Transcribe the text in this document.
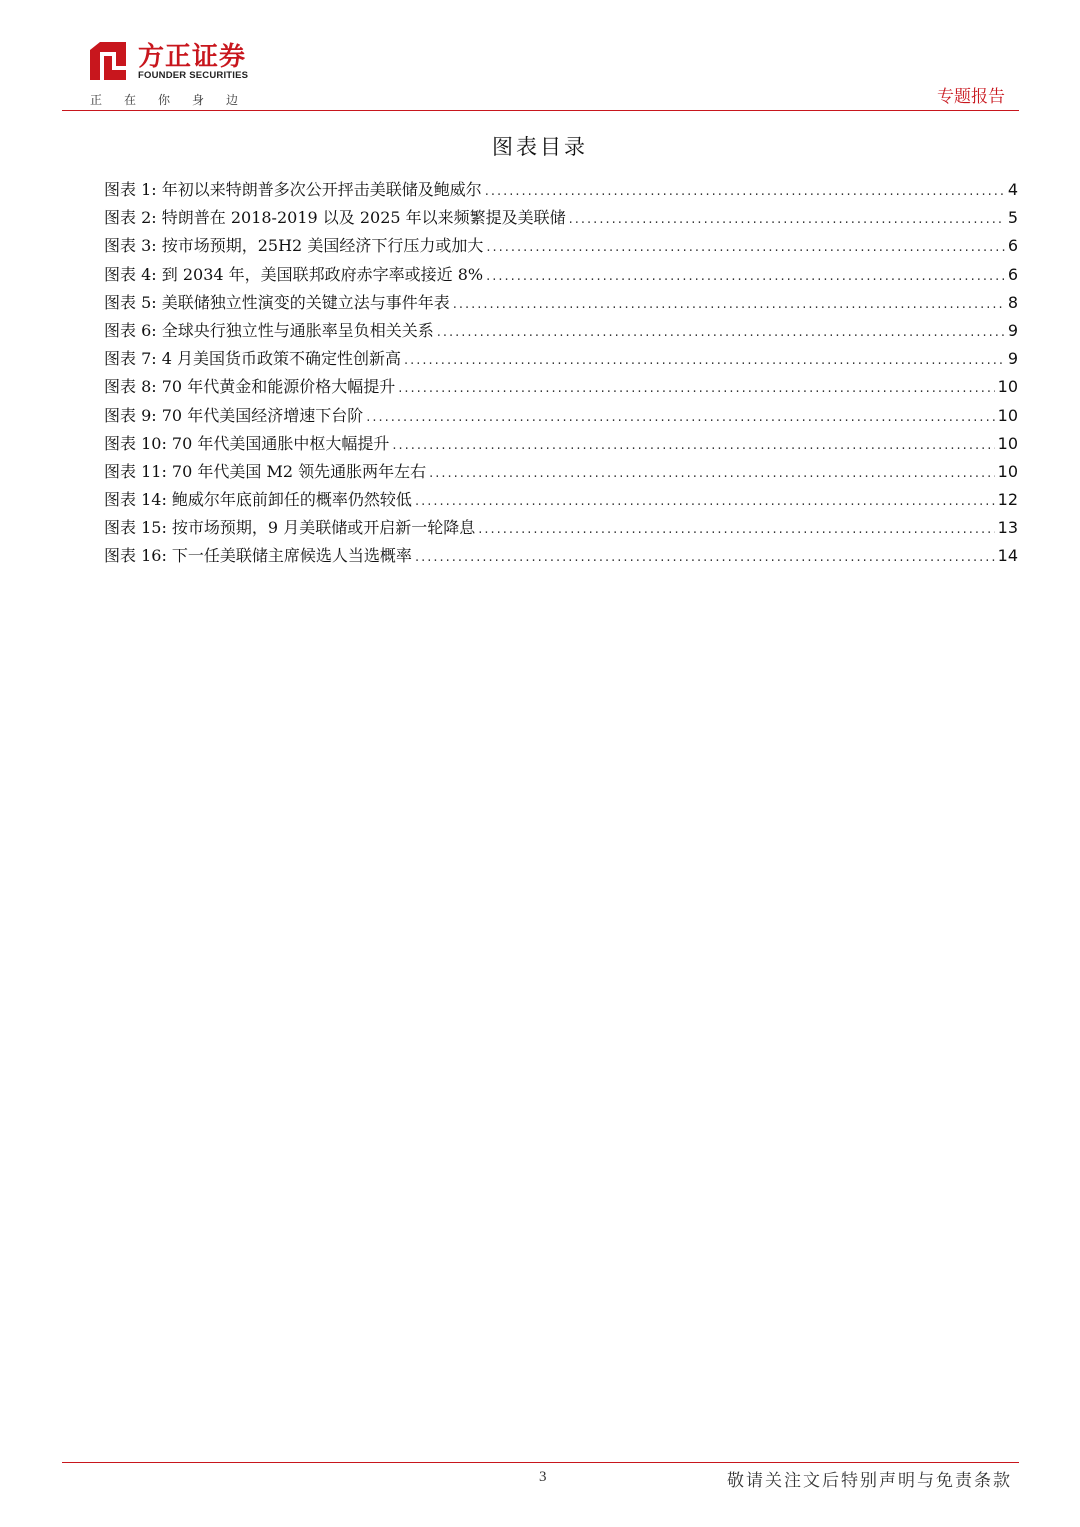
方正证券
FOUNDER SECURITIES
正在你身边	专题报告
图表目录
图表 1: 年初以来特朗普多次公开抨击美联储及鲍威尔 .....	4
图表 2: 特朗普在 2018-2019 以及 2025 年以来频繁提及美联储 .....	5
图表 3: 按市场预期，25H2 美国经济下行压力或加大 .....	6
图表 4: 到 2034 年，美国联邦政府赤字率或接近 8% .....	6
图表 5: 美联储独立性演变的关键立法与事件年表 .....	8
图表 6: 全球央行独立性与通胀率呈负相关关系 .....	9
图表 7: 4 月美国货币政策不确定性创新高 .....	9
图表 8: 70 年代黄金和能源价格大幅提升 .....	10
图表 9: 70 年代美国经济增速下台阶 .....	10
图表 10: 70 年代美国通胀中枢大幅提升 .....	10
图表 11: 70 年代美国 M2 领先通胀两年左右 .....	10
图表 14: 鲍威尔年底前卸任的概率仍然较低 .....	12
图表 15: 按市场预期，9 月美联储或开启新一轮降息 .....	13
图表 16: 下一任美联储主席候选人当选概率 .....	14
3	敬请关注文后特别声明与免责条款
